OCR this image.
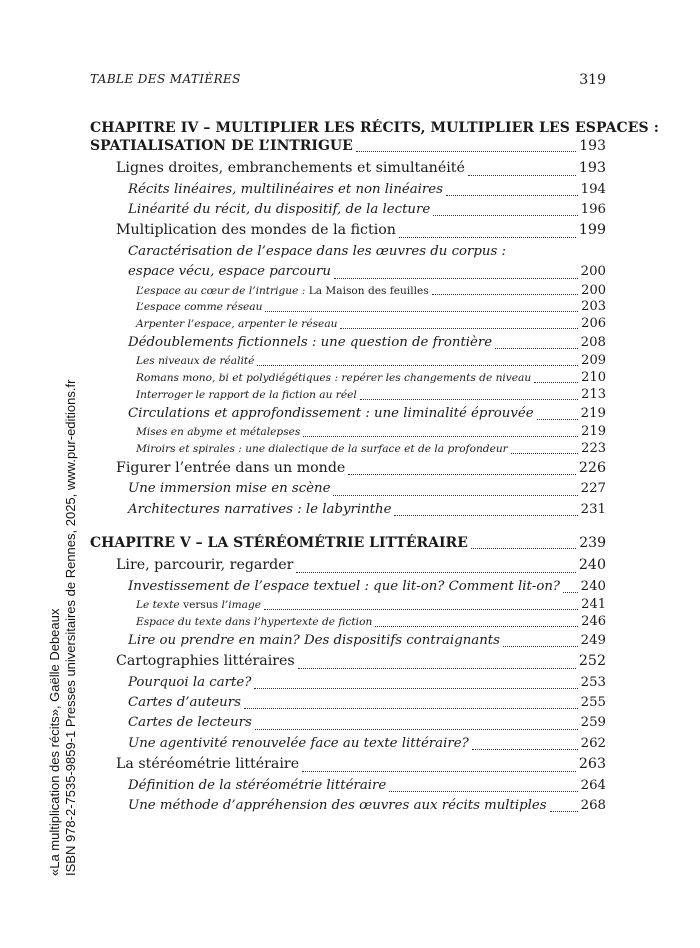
TABLE DES MATIÈRES	319
CHAPITRE IV – MULTIPLIER LES RÉCITS, MULTIPLIER LES ESPACES :
SPATIALISATION DE L’INTRIGUE	193
Lignes droites, embranchements et simultanéité	193
Récits linéaires, multilinéaires et non linéaires	194
Linéarité du récit, du dispositif, de la lecture	196
Multiplication des mondes de la fiction	199
Caractérisation de l’espace dans les œuvres du corpus :
espace vécu, espace parcouru	200
L’espace au cœur de l’intrigue : La Maison des feuilles	200
L’espace comme réseau	203
Arpenter l’espace, arpenter le réseau	206
Dédoublements fictionnels : une question de frontière	208
Les niveaux de réalité	209
Romans mono, bi et polydiégétiques : repérer les changements de niveau	210
Interroger le rapport de la fiction au réel	213
Circulations et approfondissement : une liminalité éprouvée	219
Mises en abyme et métalepses	219
Miroirs et spirales : une dialectique de la surface et de la profondeur	223
Figurer l’entrée dans un monde	226
Une immersion mise en scène	227
Architectures narratives : le labyrinthe	231
CHAPITRE V – LA STÉRÉOMÉTRIE LITTÉRAIRE	239
Lire, parcourir, regarder	240
Investissement de l’espace textuel : que lit-on? Comment lit-on? 240
Le texte versus l’image	241
Espace du texte dans l’hypertexte de fiction	246
Lire ou prendre en main? Des dispositifs contraignants	249
Cartographies littéraires	252
Pourquoi la carte?	253
Cartes d’auteurs	255
Cartes de lecteurs	259
Une agentivité renouvelée face au texte littéraire?	262
La stéréométrie littéraire	263
Définition de la stéréométrie littéraire	264
Une méthode d’appréhension des œuvres aux récits multiples	268
«La multiplication des récits», Gaëlle Debeaux ISBN 978-2-7535-9859-1 Presses universitaires de Rennes, 2025, www.pur-editions.fr
